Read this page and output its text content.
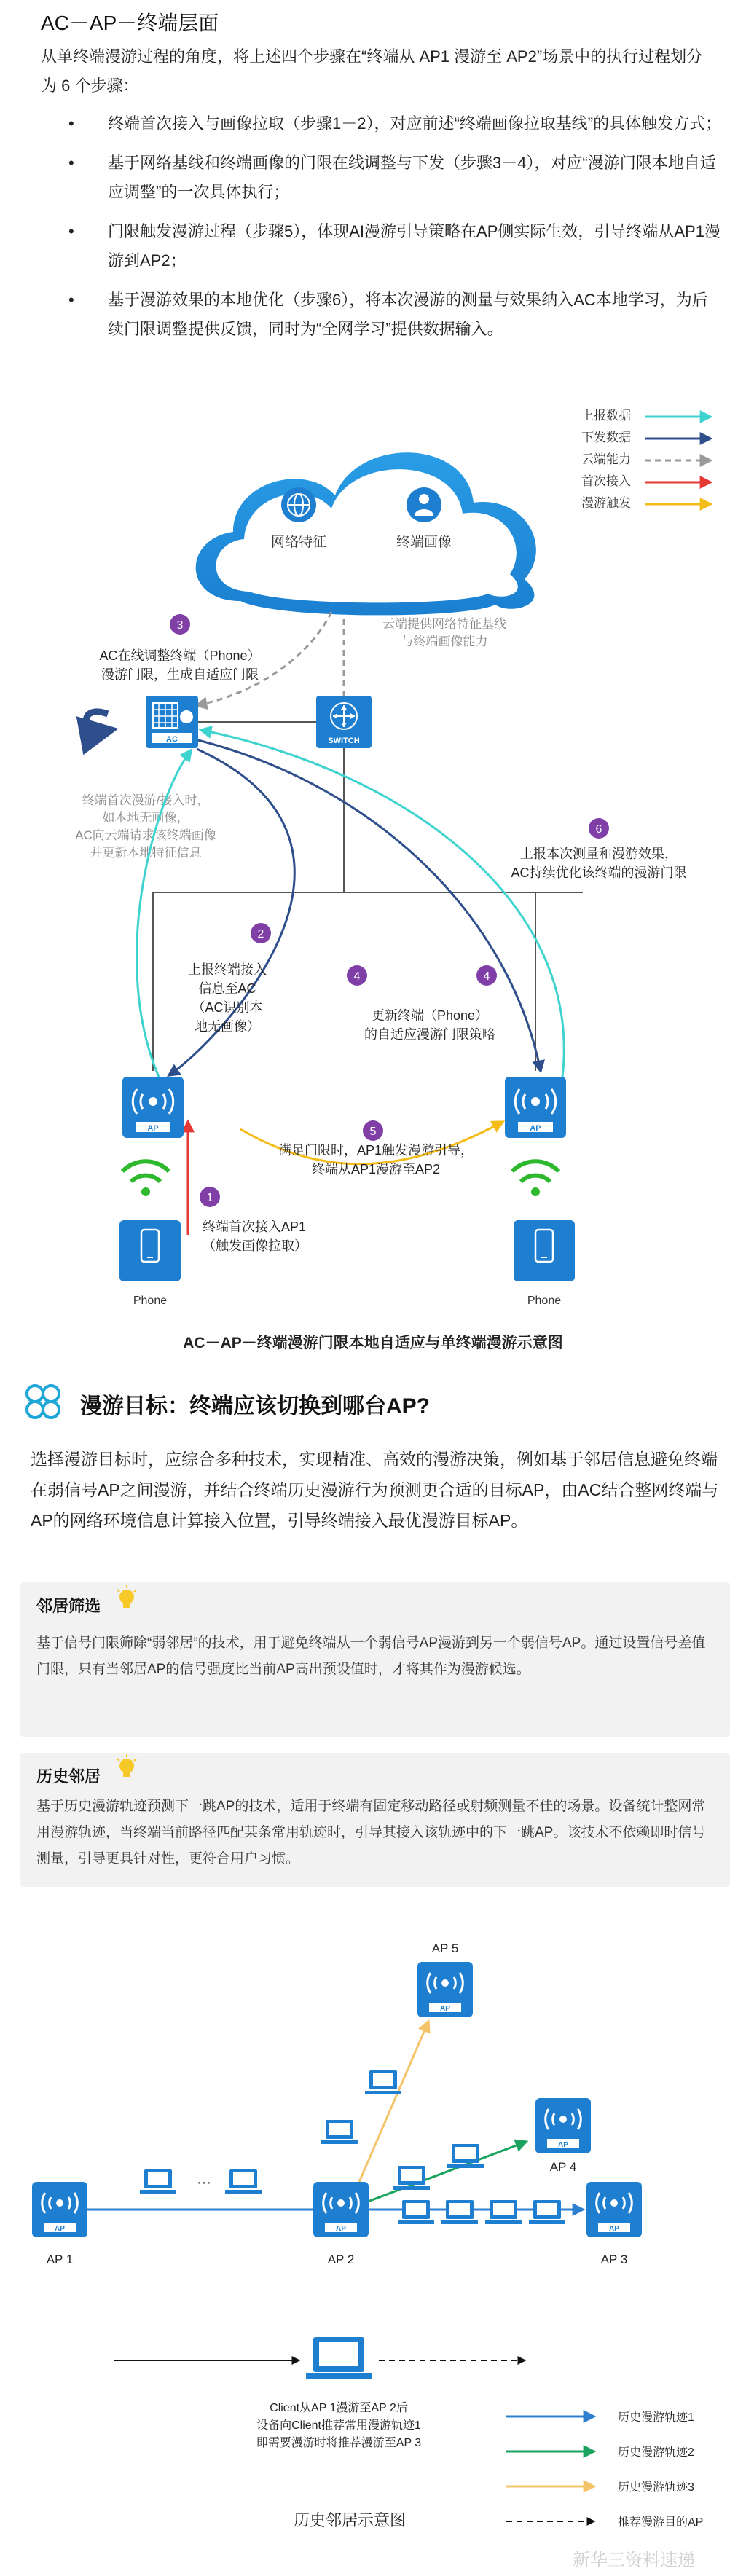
AC－AP－终端层面
从单终端漫游过程的角度，将上述四个步骤在“终端从 AP1 漫游至 AP2”场景中的执行过程划分为 6 个步骤：
• 终端首次接入与画像拉取（步骤1－2），对应前述“终端画像拉取基线”的具体触发方式；
• 基于网络基线和终端画像的门限在线调整与下发（步骤3－4），对应“漫游门限本地自适应调整”的一次具体执行；
• 门限触发漫游过程（步骤5），体现AI漫游引导策略在AP侧实际生效，引导终端从AP1漫游到AP2；
• 基于漫游效果的本地优化（步骤6），将本次漫游的测量与效果纳入AC本地学习，为后续门限调整提供反馈，同时为“全网学习”提供数据输入。
网络特征	终端画像
上报数据
下发数据
云端能力
首次接入
漫游触发
云端提供网络特征基线
与终端画像能力
3
AC在线调整终端（Phone）
漫游门限，生成自适应门限
AC	SWITCH
终端首次漫游/接入时，
如本地无画像，
AC向云端请求该终端画像
并更新本地特征信息
6
上报本次测量和漫游效果，
AC持续优化该终端的漫游门限
2
上报终端接入
信息至AC
（AC识别本
地无画像）
4	4
更新终端（Phone）
的自适应漫游门限策略
AP	AP
5
满足门限时，AP1触发漫游引导，
终端从AP1漫游至AP2
1
终端首次接入AP1
（触发画像拉取）
Phone	Phone
AC－AP－终端漫游门限本地自适应与单终端漫游示意图
漫游目标：终端应该切换到哪台AP?
选择漫游目标时，应综合多种技术，实现精准、高效的漫游决策，例如基于邻居信息避免终端在弱信号AP之间漫游，并结合终端历史漫游行为预测更合适的目标AP，由AC结合整网终端与AP的网络环境信息计算接入位置，引导终端接入最优漫游目标AP。
邻居筛选
基于信号门限筛除“弱邻居”的技术，用于避免终端从一个弱信号AP漫游到另一个弱信号AP。通过设置信号差值门限，只有当邻居AP的信号强度比当前AP高出预设值时，才将其作为漫游候选。
历史邻居
基于历史漫游轨迹预测下一跳AP的技术，适用于终端有固定移动路径或射频测量不佳的场景。设备统计整网常用漫游轨迹，当终端当前路径匹配某条常用轨迹时，引导其接入该轨迹中的下一跳AP。该技术不依赖即时信号测量，引导更具针对性，更符合用户习惯。
···
AP
AP 5
AP
AP 4
AP
AP 1
AP
AP 2
AP
AP 3
Client从AP 1漫游至AP 2后
设备向Client推荐常用漫游轨迹1
即需要漫游时将推荐漫游至AP 3
历史漫游轨迹1
历史漫游轨迹2
历史漫游轨迹3
推荐漫游目的AP
历史邻居示意图
新华三资料速递
